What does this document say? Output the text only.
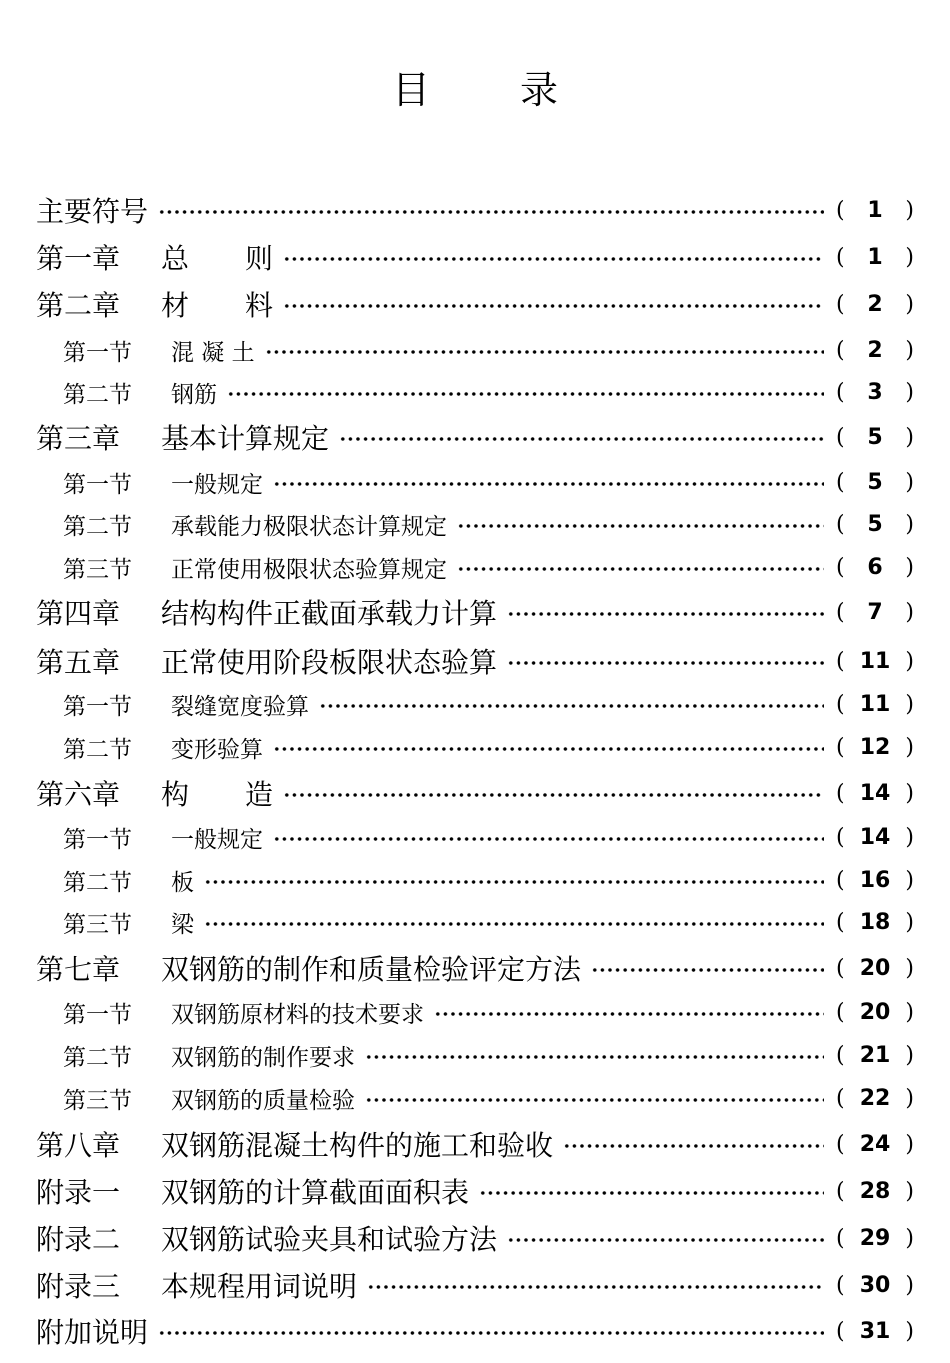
目 录
主要符号	( 1 )
第一章	总　　则	( 1 )
第二章	材　　料	( 2 )
第一节	混 凝 土	( 2 )
第二节	钢筋	( 3 )
第三章	基本计算规定	( 5 )
第一节	一般规定	( 5 )
第二节	承载能力极限状态计算规定	( 5 )
第三节	正常使用极限状态验算规定	( 6 )
第四章	结构构件正截面承载力计算	( 7 )
第五章	正常使用阶段板限状态验算	( 11 )
第一节	裂缝宽度验算	( 11 )
第二节	变形验算	( 12 )
第六章	构　　造	( 14 )
第一节	一般规定	( 14 )
第二节	板	( 16 )
第三节	梁	( 18 )
第七章	双钢筋的制作和质量检验评定方法	( 20 )
第一节	双钢筋原材料的技术要求	( 20 )
第二节	双钢筋的制作要求	( 21 )
第三节	双钢筋的质量检验	( 22 )
第八章	双钢筋混凝土构件的施工和验收	( 24 )
附录一	双钢筋的计算截面面积表	( 28 )
附录二	双钢筋试验夹具和试验方法	( 29 )
附录三	本规程用词说明	( 30 )
附加说明	( 31 )
